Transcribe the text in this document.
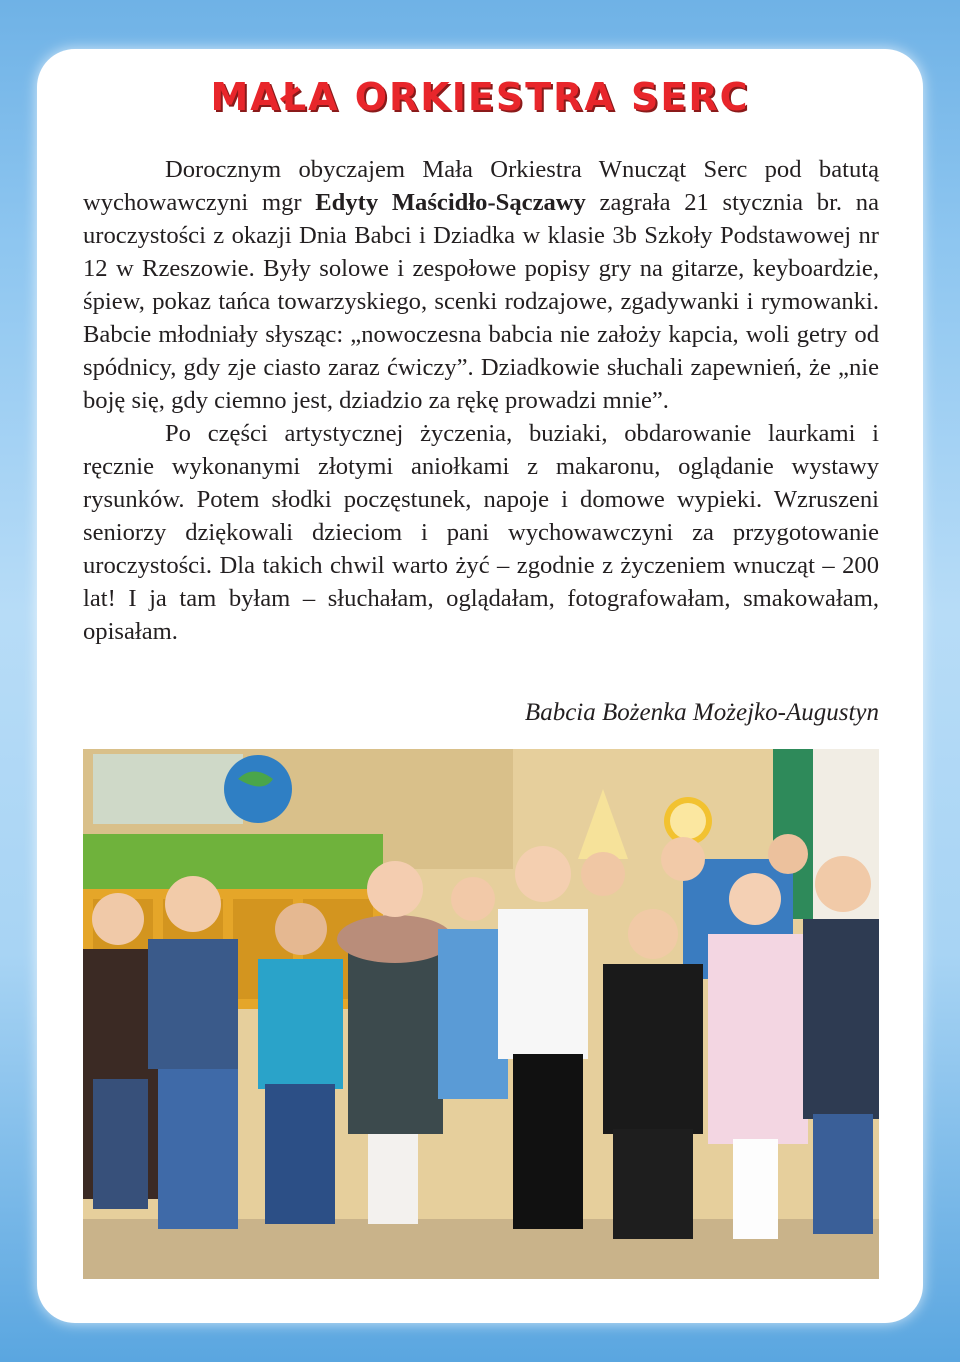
MAŁA ORKIESTRA SERC

Dorocznym obyczajem Mała Orkiestra Wnucząt Serc pod batutą wychowawczyni mgr Edyty Maścidło-Sączawy zagrała 21 stycznia br. na uroczystości z okazji Dnia Babci i Dziadka w klasie 3b Szkoły Podstawowej nr 12 w Rzeszowie. Były solowe i zespołowe popisy gry na gitarze, keyboardzie, śpiew, pokaz tańca towarzyskiego, scenki rodzajowe, zgadywanki i rymowanki. Babcie młodniały słysząc: „nowoczesna babcia nie założy kapcia, woli getry od spódnicy, gdy zje ciasto zaraz ćwiczy”. Dziadkowie słuchali zapewnień, że „nie boję się, gdy ciemno jest, dziadzio za rękę prowadzi mnie”.

Po części artystycznej życzenia, buziaki, obdarowanie laurkami i ręcznie wykonanymi złotymi aniołkami z makaronu, oglądanie wystawy rysunków. Potem słodki poczęstunek, napoje i domowe wypieki. Wzruszeni seniorzy dziękowali dzieciom i pani wychowawczyni za przygotowanie uroczystości. Dla takich chwil warto żyć – zgodnie z życzeniem wnucząt – 200 lat! I ja tam byłam – słuchałam, oglądałam, fotografowałam, smakowałam, opisałam.

Babcia Bożenka Możejko-Augustyn
